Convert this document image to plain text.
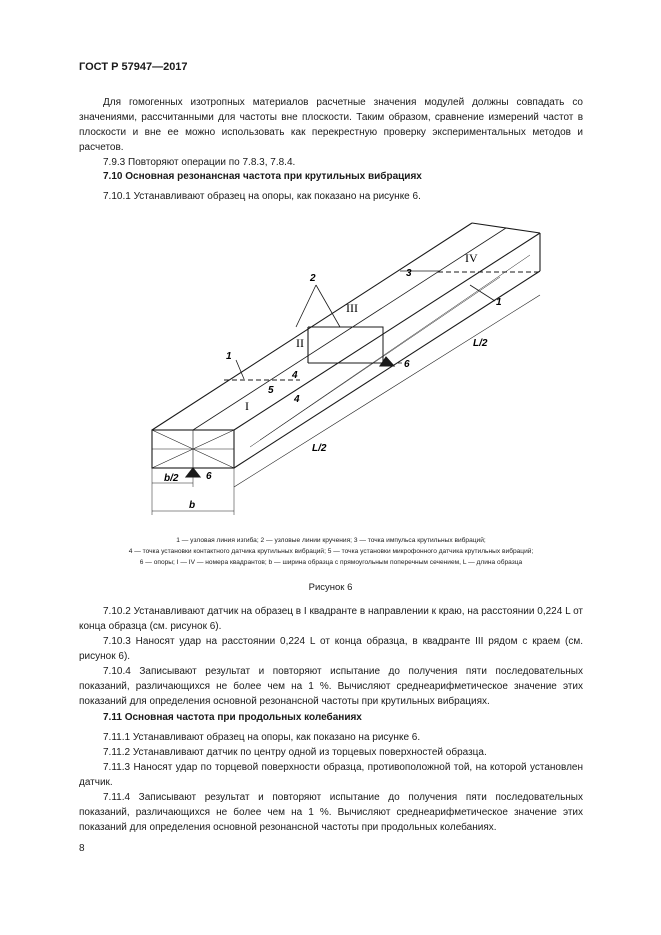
ГОСТ Р 57947—2017

Для гомогенных изотропных материалов расчетные значения модулей должны совпадать со значениями, рассчитанными для частоты вне плоскости. Таким образом, сравнение измерений частот в плоскости и вне ее можно использовать как перекрестную проверку экспериментальных методов и расчетов.

7.9.3 Повторяют операции по 7.8.3, 7.8.4.

7.10 Основная резонансная частота при крутильных вибрациях

7.10.1 Устанавливают образец на опоры, как показано на рисунке 6.

2	3
1
1
4
5
4
6
6
I
II
III
IV
L/2
L/2
b/2
b
1 — узловая линия изгиба; 2 — узловые линии кручения; 3 — точка импульса крутильных вибраций;
4 — точка установки контактного датчика крутильных вибраций; 5 — точка установки микрофонного датчика крутильных вибраций;
6 — опоры; I — IV — номера квадрантов; b — ширина образца с прямоугольным поперечным сечением, L — длина образца
Рисунок 6

7.10.2 Устанавливают датчик на образец в I квадранте в направлении к краю, на расстоянии 0,224 L от конца образца (см. рисунок 6).

7.10.3 Наносят удар на расстоянии 0,224 L от конца образца, в квадранте III рядом с краем (см. рисунок 6).

7.10.4 Записывают результат и повторяют испытание до получения пяти последовательных показаний, различающихся не более чем на 1 %. Вычисляют среднеарифметическое значение этих показаний для определения основной резонансной частоты при крутильных вибрациях.

7.11 Основная частота при продольных колебаниях

7.11.1 Устанавливают образец на опоры, как показано на рисунке 6.

7.11.2 Устанавливают датчик по центру одной из торцевых поверхностей образца.

7.11.3 Наносят удар по торцевой поверхности образца, противоположной той, на которой установлен датчик.

7.11.4 Записывают результат и повторяют испытание до получения пяти последовательных показаний, различающихся не более чем на 1 %. Вычисляют среднеарифметическое значение этих показаний для определения основной резонансной частоты при продольных колебаниях.

8
